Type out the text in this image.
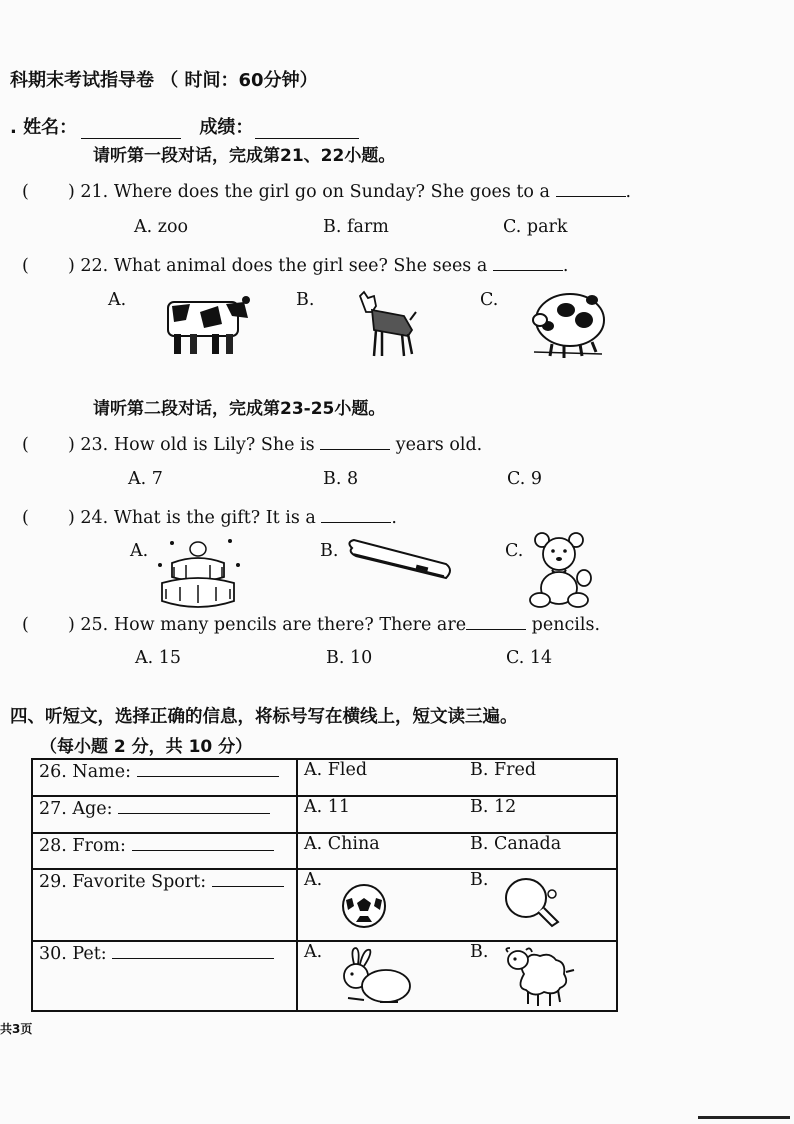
科期末考试指导卷 （ 时间：60分钟）
. 姓名：	成绩：
请听第一段对话，完成第21、22小题。
( ) 21. Where does the girl go on Sunday? She goes to a	.
A. zoo	B. farm	C. park
( ) 22. What animal does the girl see? She sees a	.
A.	B.	C.
请听第二段对话，完成第23-25小题。
( ) 23. How old is Lily? She is	years old.
A. 7	B. 8	C. 9
( ) 24. What is the gift? It is a	.
A.	B.	C.
( ) 25. How many pencils are there? There are	pencils.
A. 15	B. 10	C. 14
四、听短文，选择正确的信息，将标号写在横线上，短文读三遍。
（每小题 2 分，共 10 分）
26. Name:	A. Fled B. Fred

27. Age:	A. 11 B. 12

28. From:	A. China B. Canada

29. Favorite Sport:	A. B.

30. Pet:	A. B.
共3页
